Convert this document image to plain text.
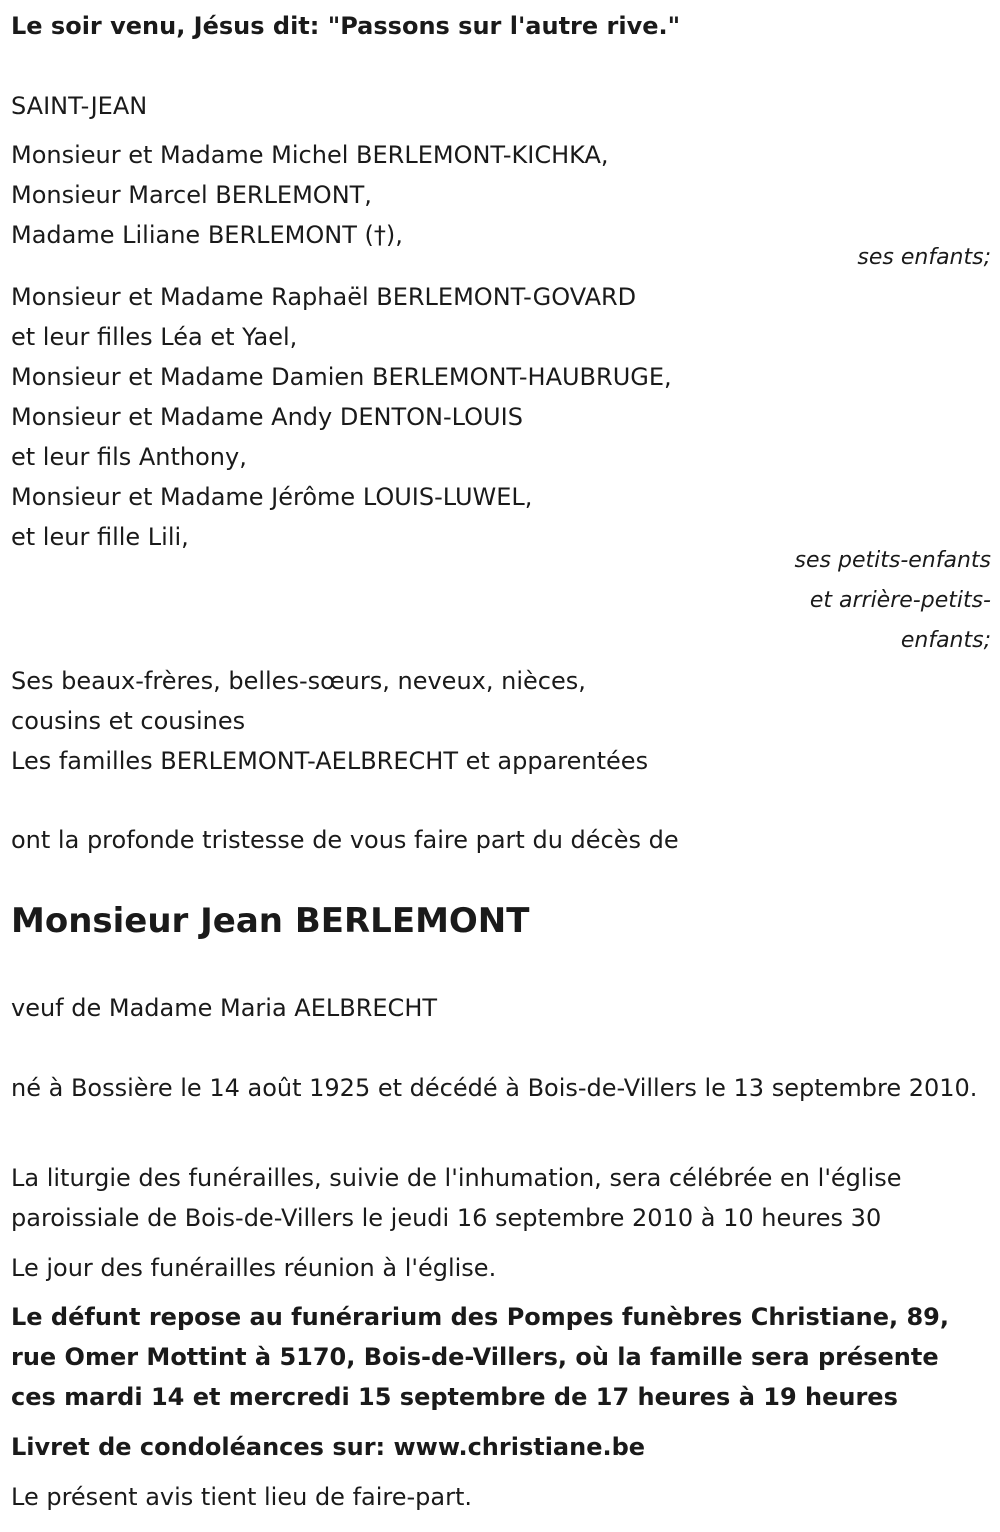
Le soir venu, Jésus dit: "Passons sur l'autre rive."

SAINT-JEAN

Monsieur et Madame Michel BERLEMONT-KICHKA,
Monsieur Marcel BERLEMONT,
Madame Liliane BERLEMONT (†),

ses enfants;

Monsieur et Madame Raphaël BERLEMONT-GOVARD
et leur filles Léa et Yael,
Monsieur et Madame Damien BERLEMONT-HAUBRUGE,
Monsieur et Madame Andy DENTON-LOUIS
et leur fils Anthony,
Monsieur et Madame Jérôme LOUIS-LUWEL,
et leur fille Lili,
ses petits-enfants
et arrière-petits-
enfants;
Ses beaux-frères, belles-sœurs, neveux, nièces,
cousins et cousines
Les familles BERLEMONT-AELBRECHT et apparentées

ont la profonde tristesse de vous faire part du décès de

Monsieur Jean BERLEMONT

veuf de Madame Maria AELBRECHT

né à Bossière le 14 août 1925 et décédé à Bois-de-Villers le 13 septembre 2010.

La liturgie des funérailles, suivie de l'inhumation, sera célébrée en l'église paroissiale de Bois-de-Villers le jeudi 16 septembre 2010 à 10 heures 30

Le jour des funérailles réunion à l'église.

Le défunt repose au funérarium des Pompes funèbres Christiane, 89, rue Omer Mottint à 5170, Bois-de-Villers, où la famille sera présente ces mardi 14 et mercredi 15 septembre de 17 heures à 19 heures

Livret de condoléances sur: www.christiane.be

Le présent avis tient lieu de faire-part.
